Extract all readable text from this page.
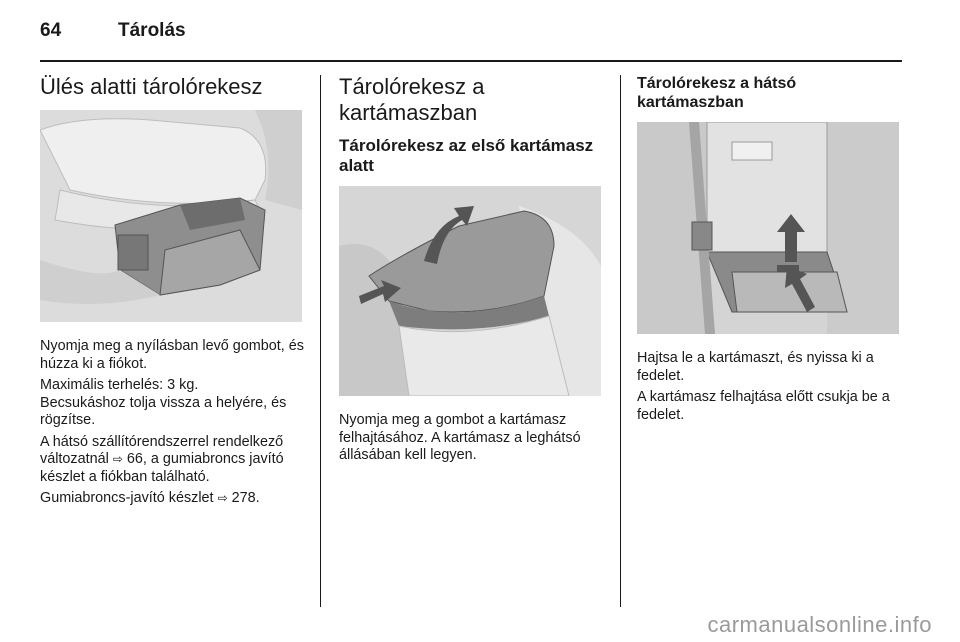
64	Tárolás
Ülés alatti tárolórekesz

Nyomja meg a nyílásban levő gombot, és húzza ki a fiókot.

Maximális terhelés: 3 kg.

Becsukáshoz tolja vissza a helyére, és rögzítse.

A hátsó szállítórendszerrel rendelkező változatnál ⇨ 66, a gumiabroncs javító készlet a fiókban található.

Gumiabroncs-javító készlet ⇨ 278.

Tárolórekesz a kartámaszban
Tárolórekesz az első kartámasz alatt

Nyomja meg a gombot a kartámasz felhajtásához. A kartámasz a leghátsó állásában kell legyen.

Tárolórekesz a hátsó kartámaszban

Hajtsa le a kartámaszt, és nyissa ki a fedelet.

A kartámasz felhajtása előtt csukja be a fedelet.

carmanualsonline.info
